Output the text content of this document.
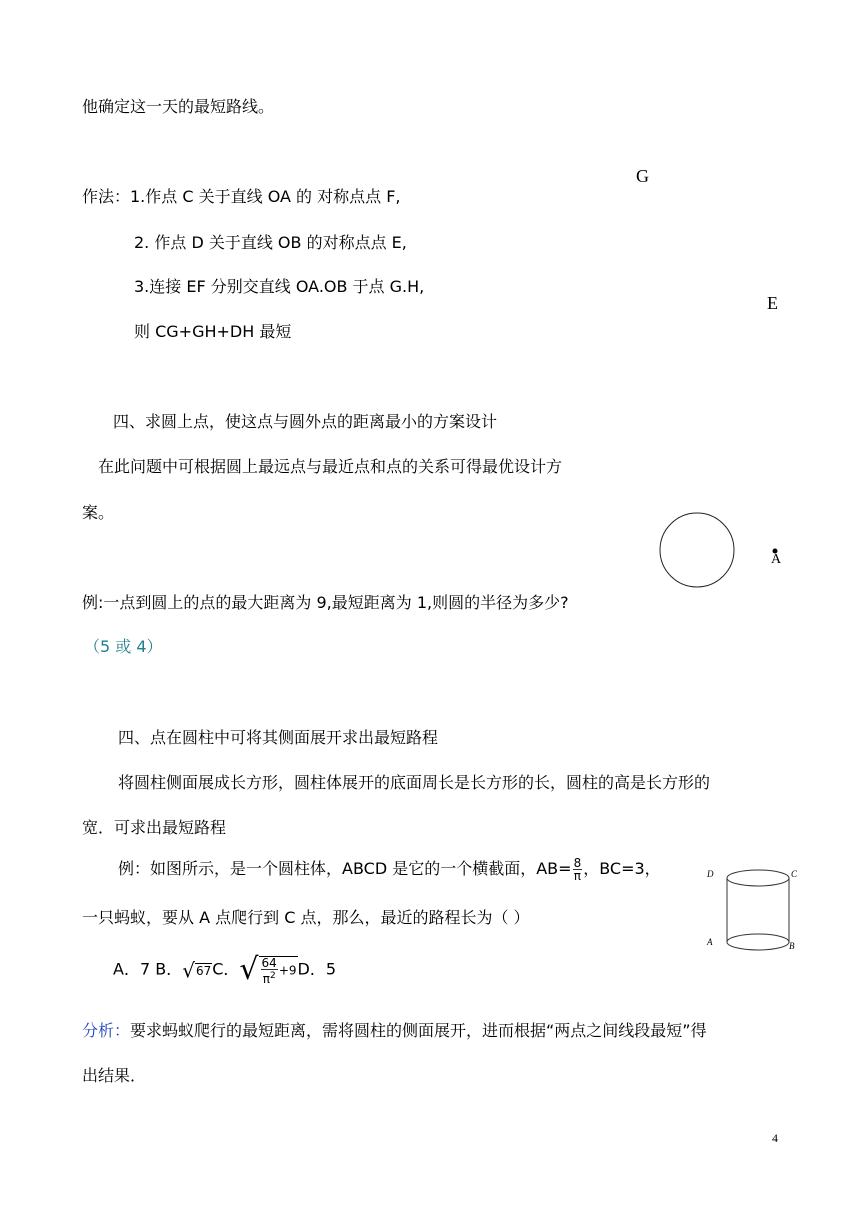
他确定这一天的最短路线。
作法：1.作点 C 关于直线 OA 的 对称点点 F,
2. 作点 D 关于直线 OB 的对称点点 E,
3.连接 EF 分别交直线 OA.OB 于点 G.H,
则 CG+GH+DH 最短
G
E
四、求圆上点，使这点与圆外点的距离最小的方案设计
在此问题中可根据圆上最远点与最近点和点的关系可得最优设计方
案。
A
例:一点到圆上的点的最大距离为 9,最短距离为 1,则圆的半径为多少?
（5 或 4）
四、点在圆柱中可将其侧面展开求出最短路程
将圆柱侧面展成长方形，圆柱体展开的底面周长是长方形的长，圆柱的高是长方形的
宽．可求出最短路程
例：如图所示，是一个圆柱体，ABCD 是它的一个横截面，$AB= \frac{8}{\pi}$ ，BC=3，
一只蚂蚁，要从 A 点爬行到 C 点，那么，最近的路程长为（ ）
A．7 B．√67C．√ $\frac{64}{\pi^2} +9D$．5
D	C
A	B
分析：要求蚂蚁爬行的最短距离，需将圆柱的侧面展开，进而根据“两点之间线段最短”得
出结果．
4
